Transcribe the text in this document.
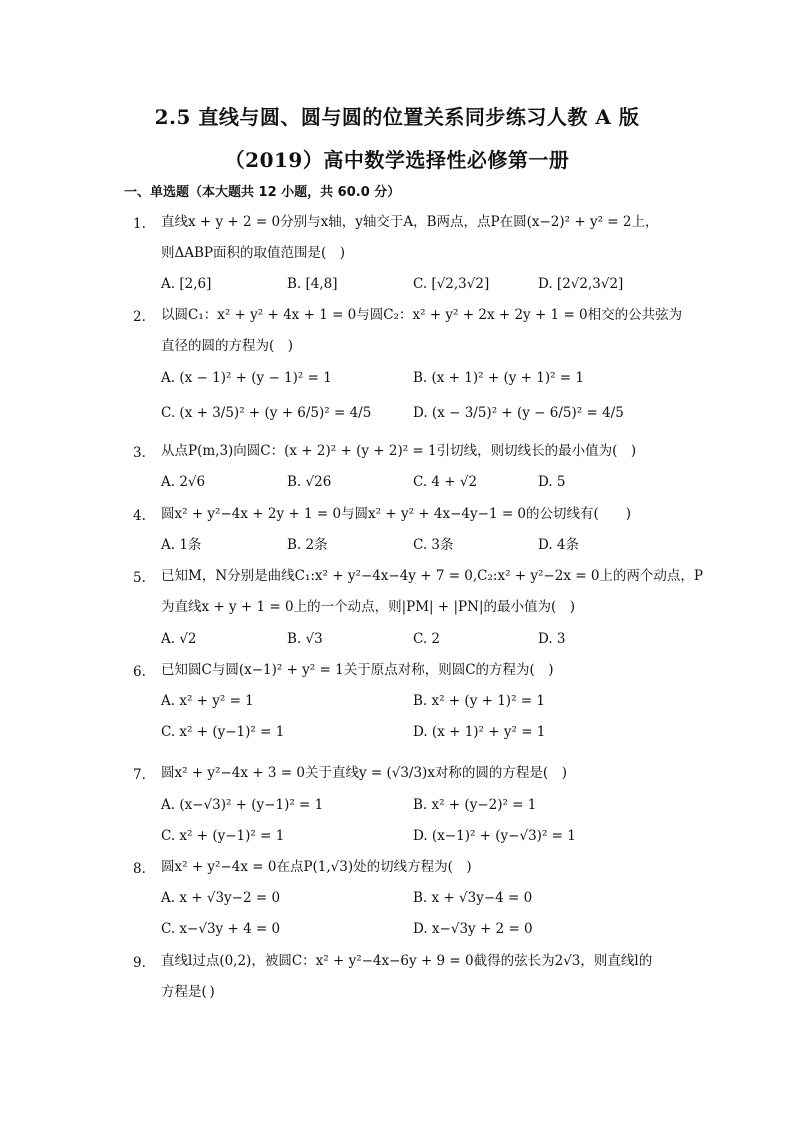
2.5 直线与圆、圆与圆的位置关系同步练习人教 A 版
（2019）高中数学选择性必修第一册
一、单选题（本大题共 12 小题，共 60.0 分）
1. 直线x + y + 2 = 0分别与x轴，y轴交于A，B两点，点P在圆(x−2)² + y² = 2上，
则ΔABP面积的取值范围是(　)
A. [2,6]	B. [4,8]	C. [√2,3√2]	D. [2√2,3√2]
2. 以圆C₁：x² + y² + 4x + 1 = 0与圆C₂：x² + y² + 2x + 2y + 1 = 0相交的公共弦为
直径的圆的方程为(　)
A. (x − 1)² + (y − 1)² = 1	B. (x + 1)² + (y + 1)² = 1
C. (x + 3/5)² + (y + 6/5)² = 4/5	D. (x − 3/5)² + (y − 6/5)² = 4/5
3. 从点P(m,3)向圆C：(x + 2)² + (y + 2)² = 1引切线，则切线长的最小值为(　)
A. 2√6	B. √26	C. 4 + √2	D. 5
4. 圆x² + y²−4x + 2y + 1 = 0与圆x² + y² + 4x−4y−1 = 0的公切线有(　　)
A. 1条	B. 2条	C. 3条	D. 4条
5. 已知M，N分别是曲线C₁:x² + y²−4x−4y + 7 = 0,C₂:x² + y²−2x = 0上的两个动点，P
为直线x + y + 1 = 0上的一个动点，则|PM| + |PN|的最小值为(　)
A. √2	B. √3	C. 2	D. 3
6. 已知圆C与圆(x−1)² + y² = 1关于原点对称，则圆C的方程为(　)
A. x² + y² = 1	B. x² + (y + 1)² = 1
C. x² + (y−1)² = 1	D. (x + 1)² + y² = 1
7. 圆x² + y²−4x + 3 = 0关于直线y = (√3/3)x对称的圆的方程是(　)
A. (x−√3)² + (y−1)² = 1	B. x² + (y−2)² = 1
C. x² + (y−1)² = 1	D. (x−1)² + (y−√3)² = 1
8. 圆x² + y²−4x = 0在点P(1,√3)处的切线方程为(　)
A. x + √3y−2 = 0	B. x + √3y−4 = 0
C. x−√3y + 4 = 0	D. x−√3y + 2 = 0
9. 直线l过点(0,2)，被圆C：x² + y²−4x−6y + 9 = 0截得的弦长为2√3，则直线l的
方程是( )
